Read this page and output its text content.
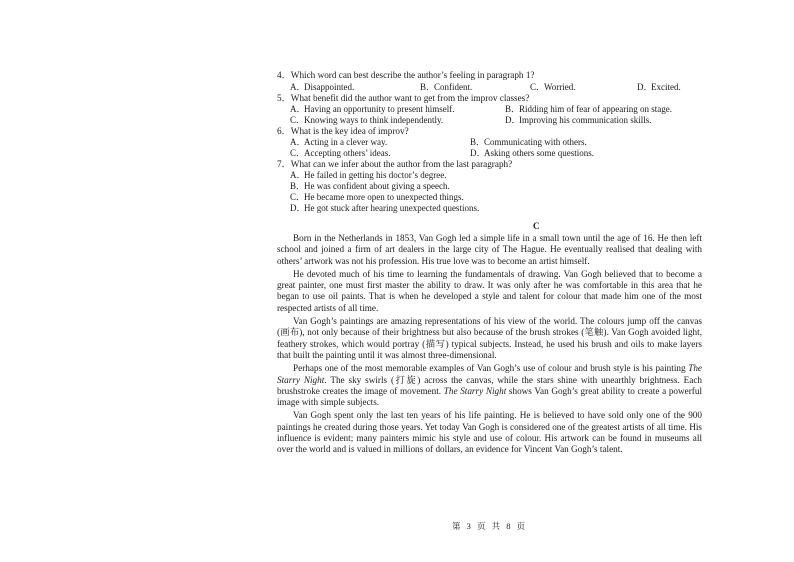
4．Which word can best describe the author’s feeling in paragraph 1?
A．Disappointed.	B．Confident.	C．Worried.	D．Excited.
5．What benefit did the author want to get from the improv classes?
A．Having an opportunity to present himself.	B．Ridding him of fear of appearing on stage.
C．Knowing ways to think independently.	D．Improving his communication skills.
6．What is the key idea of improv?
A．Acting in a clever way.	B．Communicating with others.
C．Accepting others’ ideas.	D．Asking others some questions.
7．What can we infer about the author from the last paragraph?
A．He failed in getting his doctor’s degree.
B．He was confident about giving a speech.
C．He became more open to unexpected things.
D．He got stuck after hearing unexpected questions.
C

Born in the Netherlands in 1853, Van Gogh led a simple life in a small town until the age of 16. He then left school and joined a firm of art dealers in the large city of The Hague. He eventually realised that dealing with others’ artwork was not his profession. His true love was to become an artist himself.

He devoted much of his time to learning the fundamentals of drawing. Van Gogh believed that to become a great painter, one must first master the ability to draw. It was only after he was comfortable in this area that he began to use oil paints. That is when he developed a style and talent for colour that made him one of the most respected artists of all time.

Van Gogh’s paintings are amazing representations of his view of the world. The colours jump off the canvas (画布), not only because of their brightness but also because of the brush strokes (笔触). Van Gogh avoided light, feathery strokes, which would portray (描写) typical subjects. Instead, he used his brush and oils to make layers that built the painting until it was almost three-dimensional.

Perhaps one of the most memorable examples of Van Gogh’s use of colour and brush style is his painting The Starry Night. The sky swirls (打旋) across the canvas, while the stars shine with unearthly brightness. Each brushstroke creates the image of movement. The Starry Night shows Van Gogh’s great ability to create a powerful image with simple subjects.

Van Gogh spent only the last ten years of his life painting. He is believed to have sold only one of the 900 paintings he created during those years. Yet today Van Gogh is considered one of the greatest artists of all time. His influence is evident; many painters mimic his style and use of colour. His artwork can be found in museums all over the world and is valued in millions of dollars, an evidence for Vincent Van Gogh’s talent.

第 3 页 共 8 页
